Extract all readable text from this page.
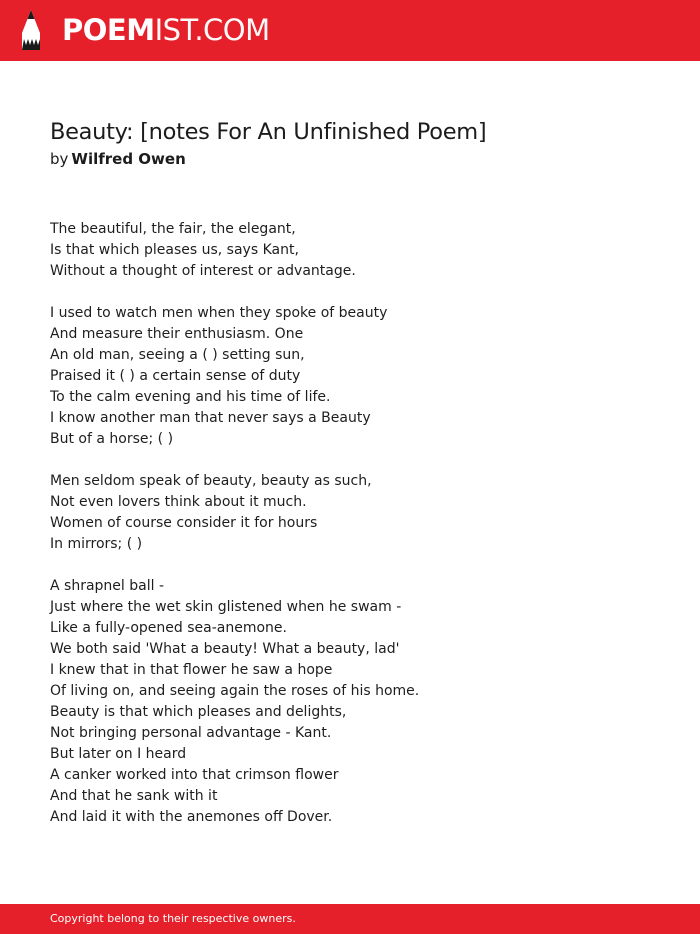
POEMIST.COM
Beauty: [notes For An Unfinished Poem]
by Wilfred Owen
The beautiful, the fair, the elegant,
Is that which pleases us, says Kant,
Without a thought of interest or advantage.
I used to watch men when they spoke of beauty
And measure their enthusiasm. One
An old man, seeing a ( ) setting sun,
Praised it ( ) a certain sense of duty
To the calm evening and his time of life.
I know another man that never says a Beauty
But of a horse; ( )
Men seldom speak of beauty, beauty as such,
Not even lovers think about it much.
Women of course consider it for hours
In mirrors; ( )
A shrapnel ball -
Just where the wet skin glistened when he swam -
Like a fully-opened sea-anemone.
We both said 'What a beauty! What a beauty, lad'
I knew that in that flower he saw a hope
Of living on, and seeing again the roses of his home.
Beauty is that which pleases and delights,
Not bringing personal advantage - Kant.
But later on I heard
A canker worked into that crimson flower
And that he sank with it
And laid it with the anemones off Dover.
Copyright belong to their respective owners.
